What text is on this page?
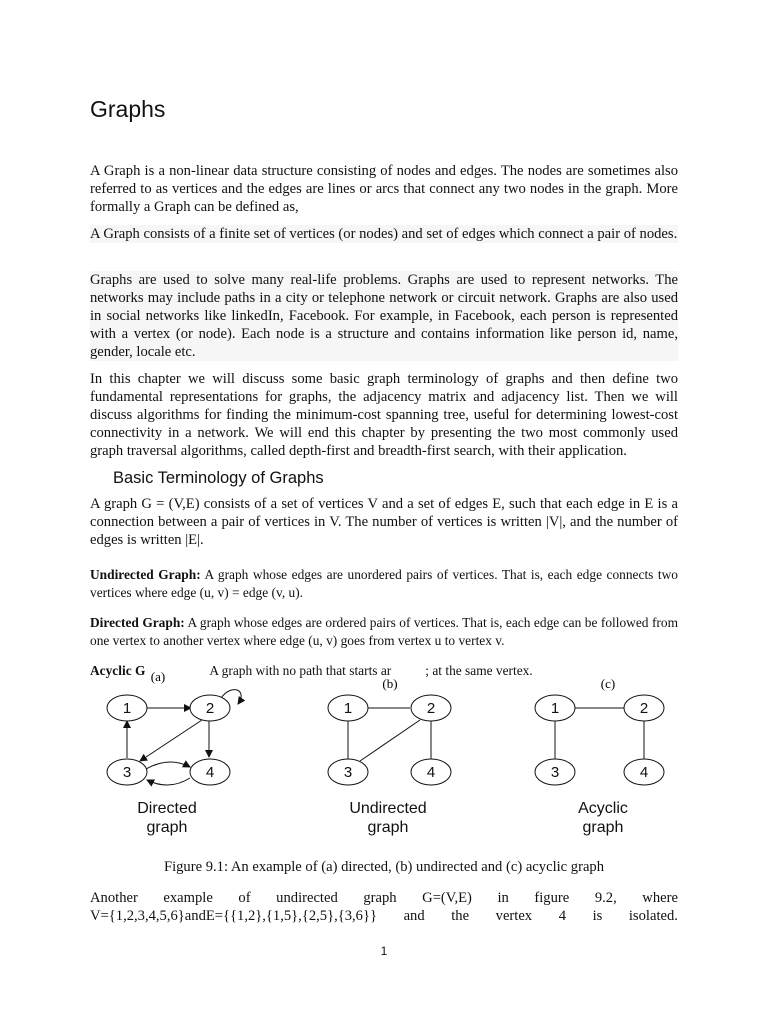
Graphs

A Graph is a non-linear data structure consisting of nodes and edges. The nodes are sometimes also referred to as vertices and the edges are lines or arcs that connect any two nodes in the graph. More formally a Graph can be defined as,

A Graph consists of a finite set of vertices (or nodes) and set of edges which connect a pair of nodes.

Graphs are used to solve many real-life problems. Graphs are used to represent networks. The networks may include paths in a city or telephone network or circuit network. Graphs are also used in social networks like linkedIn, Facebook. For example, in Facebook, each person is represented with a vertex (or node). Each node is a structure and contains information like person id, name, gender, locale etc.

In this chapter we will discuss some basic graph terminology of graphs and then define two fundamental representations for graphs, the adjacency matrix and adjacency list. Then we will discuss algorithms for finding the minimum-cost spanning tree, useful for determining lowest-cost connectivity in a network. We will end this chapter by presenting the two most commonly used graph traversal algorithms, called depth-first and breadth-first search, with their application.

Basic Terminology of Graphs

A graph G = (V,E) consists of a set of vertices V and a set of edges E, such that each edge in E is a connection between a pair of vertices in V. The number of vertices is written |V|, and the number of edges is written |E|.

Undirected Graph: A graph whose edges are unordered pairs of vertices. That is, each edge connects two vertices where edge (u, v) = edge (v, u).

Directed Graph: A graph whose edges are ordered pairs of vertices. That is, each edge can be followed from one vertex to another vertex where edge (u, v) goes from vertex u to vertex v.

Acyclic G	A graph with no path that starts ar	; at the same vertex.

(a)	(b)	(c)
1	2
3	4
1	2
3	4
1	2
3	4
Directed
graph
Undirected
graph
Acyclic
graph

Figure 9.1: An example of (a) directed, (b) undirected and (c) acyclic graph

Another example of undirected graph G=(V,E) in figure 9.2, where
V={1,2,3,4,5,6}andE={{1,2},{1,5},{2,5},{3,6}} and the vertex 4 is isolated.
1
